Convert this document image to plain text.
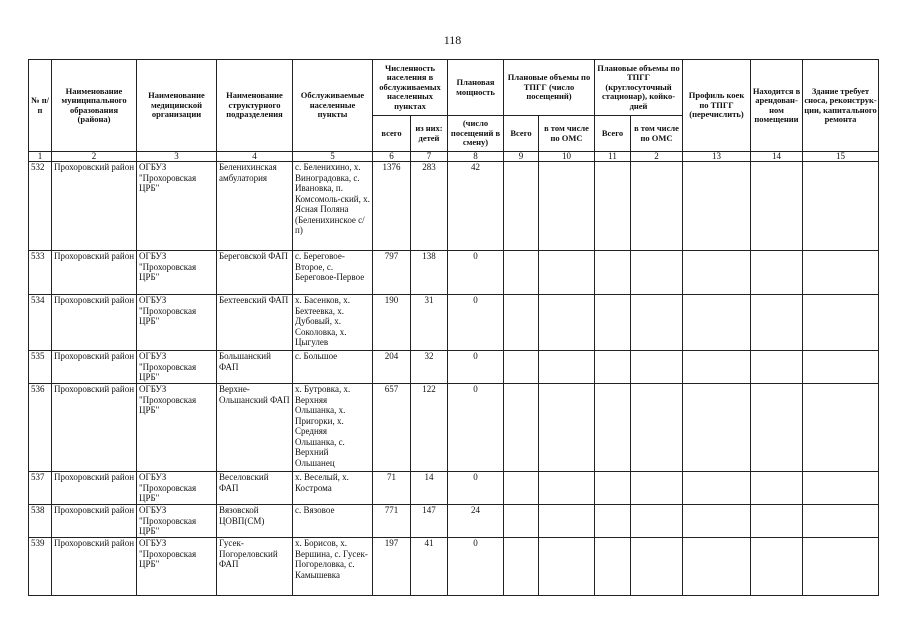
118
№ п/п	Наименование муниципального образования (района)	Наименование медицинской организации	Наименование структурного подразделения	Обслуживаемые населенные пункты	Численность населения в обслуживаемых населенных пунктах		Плановая мощность	Плановые объемы по ТПГГ (число посещений)		Плановые объемы по ТПГГ (круглосуточный стационар), койко-дней		Профиль коек по ТПГГ (перечислить)	Находится в арендован-ном помещении	Здание требует сноса, реконструк-ции, капитального ремонта
					всего	из них: детей	(число посещений в смену)	Всего	в том числе по ОМС	Всего	в том числе по ОМС			
1	2	3	4	5	6	7	8	9	10	11	2	13	14	15
532	Прохоровский район	ОГБУЗ "Прохоровская ЦРБ"	Белениxинская амбулатория	с. Беленихино, х. Виноградовка, с. Ивановка, п. Комсомоль-ский, х. Ясная Поляна (Беленихинское с/п)	1376	283	42							
533	Прохоровский район	ОГБУЗ "Прохоровская ЦРБ"	Береговской ФАП	с. Береговое-Второе, с. Береговое-Первое	797	138	0							
534	Прохоровский район	ОГБУЗ "Прохоровская ЦРБ"	Бехтеевский ФАП	х. Басенков, х. Бехтеевка, х. Дубовый, х. Соколовка, х. Цыгулев	190	31	0							
535	Прохоровский район	ОГБУЗ "Прохоровская ЦРБ"	Большанский ФАП	с. Большое	204	32	0							
536	Прохоровский район	ОГБУЗ "Прохоровская ЦРБ"	Верхне-Ольшанский ФАП	х. Бутровка, х. Верхняя Ольшанка, х. Пригорки, х. Средняя Ольшанка, с. Верхний Ольшанец	657	122	0							
537	Прохоровский район	ОГБУЗ "Прохоровская ЦРБ"	Веселовский ФАП	х. Веселый, х. Кострома	71	14	0							
538	Прохоровский район	ОГБУЗ "Прохоровская ЦРБ"	Вязовской ЦОВП(СМ)	с. Вязовое	771	147	24							
539	Прохоровский район	ОГБУЗ "Прохоровская ЦРБ"	Гусек-Погореловский ФАП	х. Борисов, х. Вершина, с. Гусек-Погореловка, с. Камышевка	197	41	0							
